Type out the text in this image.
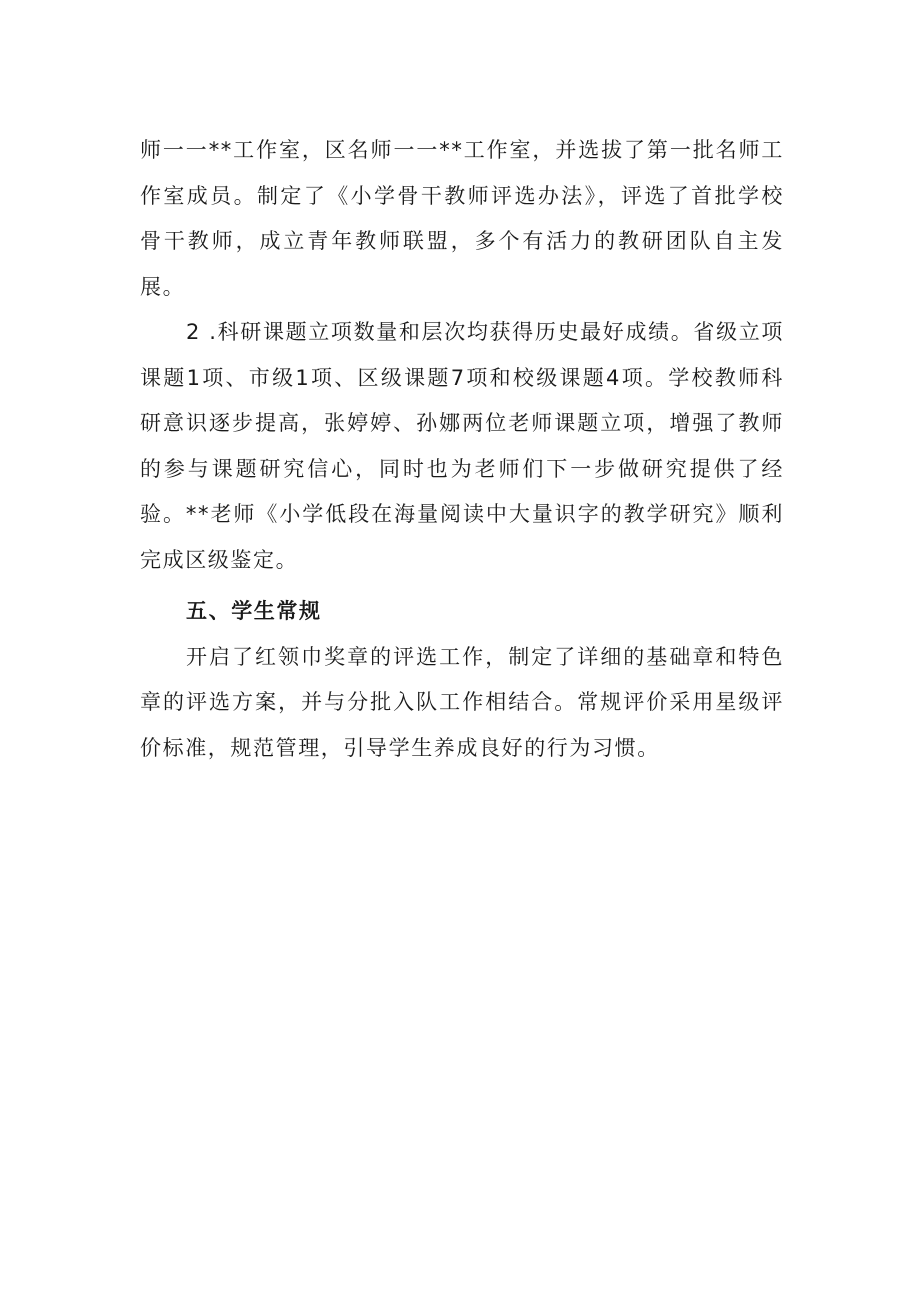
师一一**工作室，区名师一一**工作室，并选拔了第一批名师工作室成员。制定了《小学骨干教师评选办法》，评选了首批学校骨干教师，成立青年教师联盟，多个有活力的教研团队自主发展。

2 .科研课题立项数量和层次均获得历史最好成绩。省级立项课题1项、市级1项、区级课题7项和校级课题4项。学校教师科研意识逐步提高，张婷婷、孙娜两位老师课题立项，增强了教师的参与课题研究信心，同时也为老师们下一步做研究提供了经验。**老师《小学低段在海量阅读中大量识字的教学研究》顺利完成区级鉴定。

五、学生常规

开启了红领巾奖章的评选工作，制定了详细的基础章和特色章的评选方案，并与分批入队工作相结合。常规评价采用星级评价标准，规范管理，引导学生养成良好的行为习惯。
